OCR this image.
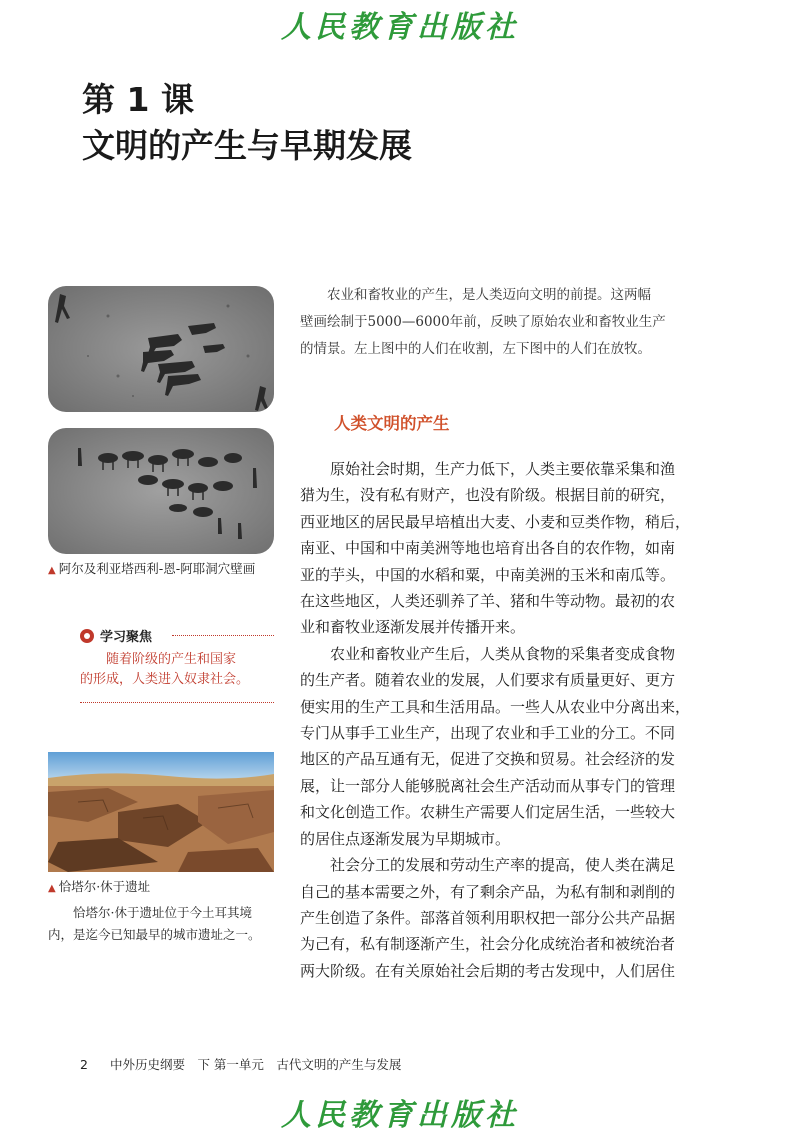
人民教育出版社
第 1 课
文明的产生与早期发展
▲ 阿尔及利亚塔西利-恩-阿耶洞穴壁画
学习聚焦
　　随着阶级的产生和国家
的形成，人类进入奴隶社会。
▲ 恰塔尔·休于遗址
　　恰塔尔·休于遗址位于今土耳其境
内，是迄今已知最早的城市遗址之一。
　　农业和畜牧业的产生，是人类迈向文明的前提。这两幅
壁画绘制于5000—6000年前，反映了原始农业和畜牧业生产
的情景。左上图中的人们在收割，左下图中的人们在放牧。
人类文明的产生
　　原始社会时期，生产力低下，人类主要依靠采集和渔
猎为生，没有私有财产，也没有阶级。根据目前的研究，
西亚地区的居民最早培植出大麦、小麦和豆类作物，稍后，
南亚、中国和中南美洲等地也培育出各自的农作物，如南
亚的芋头，中国的水稻和粟，中南美洲的玉米和南瓜等。
在这些地区，人类还驯养了羊、猪和牛等动物。最初的农
业和畜牧业逐渐发展并传播开来。
　　农业和畜牧业产生后，人类从食物的采集者变成食物
的生产者。随着农业的发展，人们要求有质量更好、更方
便实用的生产工具和生活用品。一些人从农业中分离出来，
专门从事手工业生产，出现了农业和手工业的分工。不同
地区的产品互通有无，促进了交换和贸易。社会经济的发
展，让一部分人能够脱离社会生产活动而从事专门的管理
和文化创造工作。农耕生产需要人们定居生活，一些较大
的居住点逐渐发展为早期城市。
　　社会分工的发展和劳动生产率的提高，使人类在满足
自己的基本需要之外，有了剩余产品，为私有制和剥削的
产生创造了条件。部落首领利用职权把一部分公共产品据
为己有，私有制逐渐产生，社会分化成统治者和被统治者
两大阶级。在有关原始社会后期的考古发现中，人们居住
2 中外历史纲要　下 第一单元　古代文明的产生与发展
人民教育出版社
